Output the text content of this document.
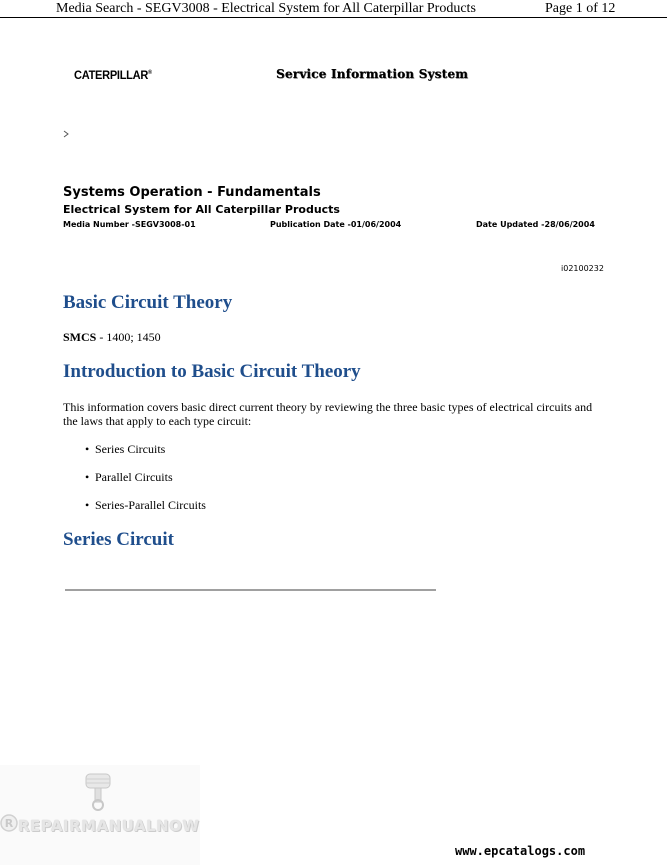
Media Search - SEGV3008 - Electrical System for All Caterpillar Products	Page 1 of 12
CATERPILLAR®	Service Information System
Systems Operation - Fundamentals
Electrical System for All Caterpillar Products
Media Number -SEGV3008-01	Publication Date -01/06/2004	Date Updated -28/06/2004
i02100232
Basic Circuit Theory
SMCS - 1400; 1450
Introduction to Basic Circuit Theory
This information covers basic direct current theory by reviewing the three basic types of electrical circuits and the laws that apply to each type circuit:
• Series Circuits
• Parallel Circuits
• Series-Parallel Circuits
Series Circuit
R REPAIRMANUALNOW
www.epcatalogs.com
